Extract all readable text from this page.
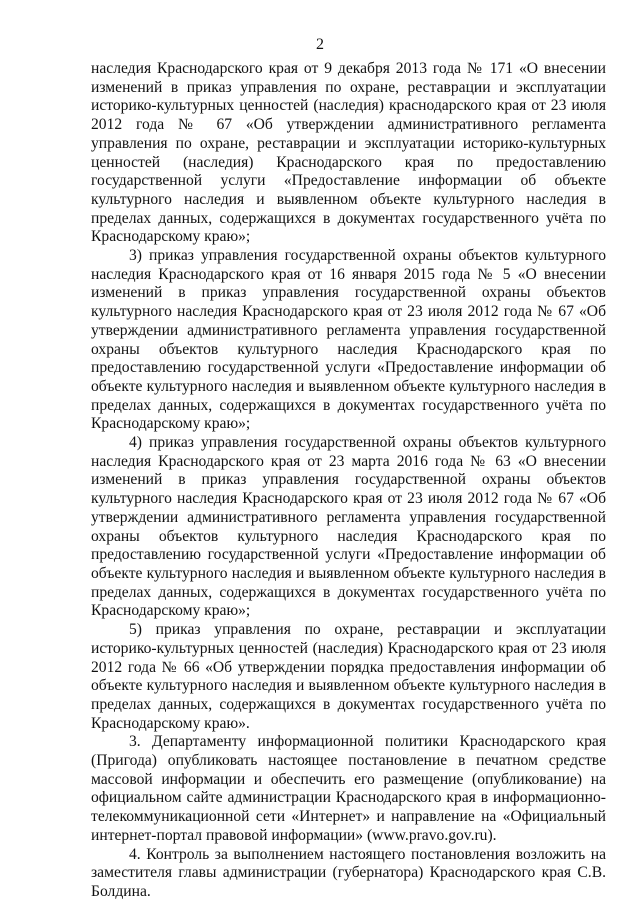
2

наследия Краснодарского края от 9 декабря 2013 года № 171 «О внесении изменений в приказ управления по охране, реставрации и эксплуатации историко-культурных ценностей (наследия) краснодарского края от 23 июля 2012 года № 67 «Об утверждении административного регламента управления по охране, реставрации и эксплуатации историко-культурных ценностей (наследия) Краснодарского края по предоставлению государственной услуги «Предоставление информации об объекте культурного наследия и выявленном объекте культурного наследия в пределах данных, содержащихся в документах государственного учёта по Краснодарскому краю»;

3) приказ управления государственной охраны объектов культурного наследия Краснодарского края от 16 января 2015 года № 5 «О внесении изменений в приказ управления государственной охраны объектов культурного наследия Краснодарского края от 23 июля 2012 года № 67 «Об утверждении административного регламента управления государственной охраны объектов культурного наследия Краснодарского края по предоставлению государственной услуги «Предоставление информации об объекте культурного наследия и выявленном объекте культурного наследия в пределах данных, содержащихся в документах государственного учёта по Краснодарскому краю»;

4) приказ управления государственной охраны объектов культурного наследия Краснодарского края от 23 марта 2016 года № 63 «О внесении изменений в приказ управления государственной охраны объектов культурного наследия Краснодарского края от 23 июля 2012 года № 67 «Об утверждении административного регламента управления государственной охраны объектов культурного наследия Краснодарского края по предоставлению государственной услуги «Предоставление информации об объекте культурного наследия и выявленном объекте культурного наследия в пределах данных, содержащихся в документах государственного учёта по Краснодарскому краю»;

5) приказ управления по охране, реставрации и эксплуатации историко-культурных ценностей (наследия) Краснодарского края от 23 июля 2012 года № 66 «Об утверждении порядка предоставления информации об объекте культурного наследия и выявленном объекте культурного наследия в пределах данных, содержащихся в документах государственного учёта по Краснодарскому краю».

3. Департаменту информационной политики Краснодарского края (Пригода) опубликовать настоящее постановление в печатном средстве массовой информации и обеспечить его размещение (опубликование) на официальном сайте администрации Краснодарского края в информационно-телекоммуникационной сети «Интернет» и направление на «Официальный интернет-портал правовой информации» (www.pravo.gov.ru).

4. Контроль за выполнением настоящего постановления возложить на заместителя главы администрации (губернатора) Краснодарского края С.В. Болдина.
